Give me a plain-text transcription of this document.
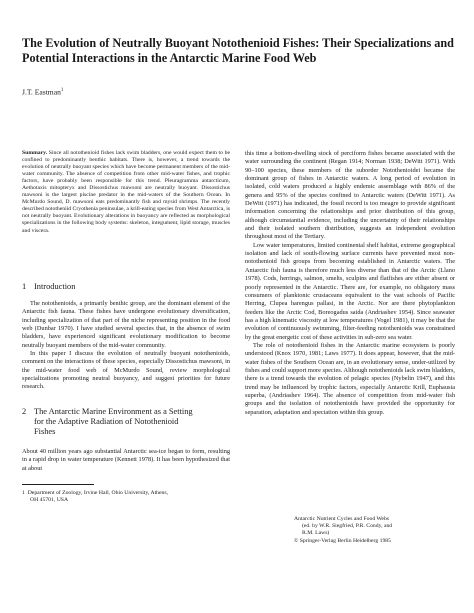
The Evolution of Neutrally Buoyant Notothenioid Fishes: Their Specializations and Potential Interactions in the Antarctic Marine Food Web
J.T. Eastman$^1$

Summary. Since all notothenioid fishes lack swim bladders, one would expect them to be confined to predominantly benthic habitats. There is, however, a trend towards the evolution of neutrally buoyant species which have become permanent members of the mid-water community. The absence of competition from other mid-water fishes, and trophic factors, have probably been responsible for this trend. Pleuragramma antarcticum, Aethotaxis mitopteryx and Dissostichus mawsoni are neutrally buoyant. Dissostichus mawsoni is the largest piscine predator in the mid-waters of the Southern Ocean. In McMurdo Sound, D. mawsoni eats predominantly fish and mysid shrimps. The recently described nototheniid Cryothenia peninsulae, a krill-eating species from West Antarctica, is not neutrally buoyant. Evolutionary alterations in buoyancy are reflected as morphological specializations in the following body systems: skeleton, integument, lipid storage, muscles and viscera.

1 Introduction

The notothenioids, a primarily benthic group, are the dominant element of the Antarctic fish fauna. These fishes have undergone evolutionary diversification, including specialization of that part of the niche representing position in the food web (Dunbar 1970). I have studied several species that, in the absence of swim bladders, have experienced significant evolutionary modification to become neutrally buoyant members of the mid-water community.

In this paper I discuss the evolution of neutrally buoyant notothenioids, comment on the interactions of these species, especially Dissostichus mawsoni, in the mid-water food web of McMurdo Sound, review morphological specializations promoting neutral buoyancy, and suggest priorities for future research.

2 The Antarctic Marine Environment as a Setting
for the Adaptive Radiation of Notothenioid
Fishes

About 40 million years ago substantial Antarctic sea-ice began to form, resulting in a rapid drop in water temperature (Kennett 1978). It has been hypothesized that at about

1 Department of Zoology, Irvine Hall, Ohio University, Athens,
OH 45701, USA

this time a bottom-dwelling stock of perciform fishes became associated with the water surrounding the continent (Regan 1914; Norman 1938; DeWitt 1971). With 90–100 species, these members of the suborder Notothenioidei became the dominant group of fishes in Antarctic waters. A long period of evolution in isolated, cold waters produced a highly endemic assemblage with 86% of the genera and 95% of the species confined to Antarctic waters (DeWitt 1971). As DeWitt (1971) has indicated, the fossil record is too meagre to provide significant information concerning the relationships and prior distribution of this group, although circumstantial evidence, including the uncertainty of their relationships and their isolated southern distribution, suggests an independent evolution throughout most of the Tertiary.

Low water temperatures, limited continental shelf habitat, extreme geographical isolation and lack of south-flowing surface currents have prevented most non-notothenioid fish groups from becoming established in Antarctic waters. The Antarctic fish fauna is therefore much less diverse than that of the Arctic (Llano 1978). Cods, herrings, salmon, smelts, sculpins and flatfishes are either absent or poorly represented in the Antarctic. There are, for example, no obligatory mass consumers of planktonic crustaceans equivalent to the vast schools of Pacific Herring, Clupea harengus pallasi, in the Arctic. Nor are there phytoplankton feeders like the Arctic Cod, Boreogadus saida (Andriashev 1954). Since seawater has a high kinematic viscosity at low temperatures (Vogel 1981), it may be that the evolution of continuously swimming, filter-feeding notothenioids was constrained by the great energetic cost of these activities in sub-zero sea water.

The role of notothenioid fishes in the Antarctic marine ecosystem is poorly understood (Knox 1970, 1981; Laws 1977). It does appear, however, that the mid-water fishes of the Southern Ocean are, in an evolutionary sense, under-utilized by fishes and could support more species. Although notothenioids lack swim bladders, there is a trend towards the evolution of pelagic species (Nybelin 1947), and this trend may be influenced by trophic factors, especially Antarctic Krill, Euphausia superba, (Andriashev 1964). The absence of competition from mid-water fish groups and the isolation of notothenioids have provided the opportunity for separation, adaptation and speciation within this group.

Antarctic Nutrient Cycles and Food Webs
(ed. by W.R. Siegfried, P.R. Condy, and
R.M. Laws)
© Springer-Verlag Berlin Heidelberg 1985
